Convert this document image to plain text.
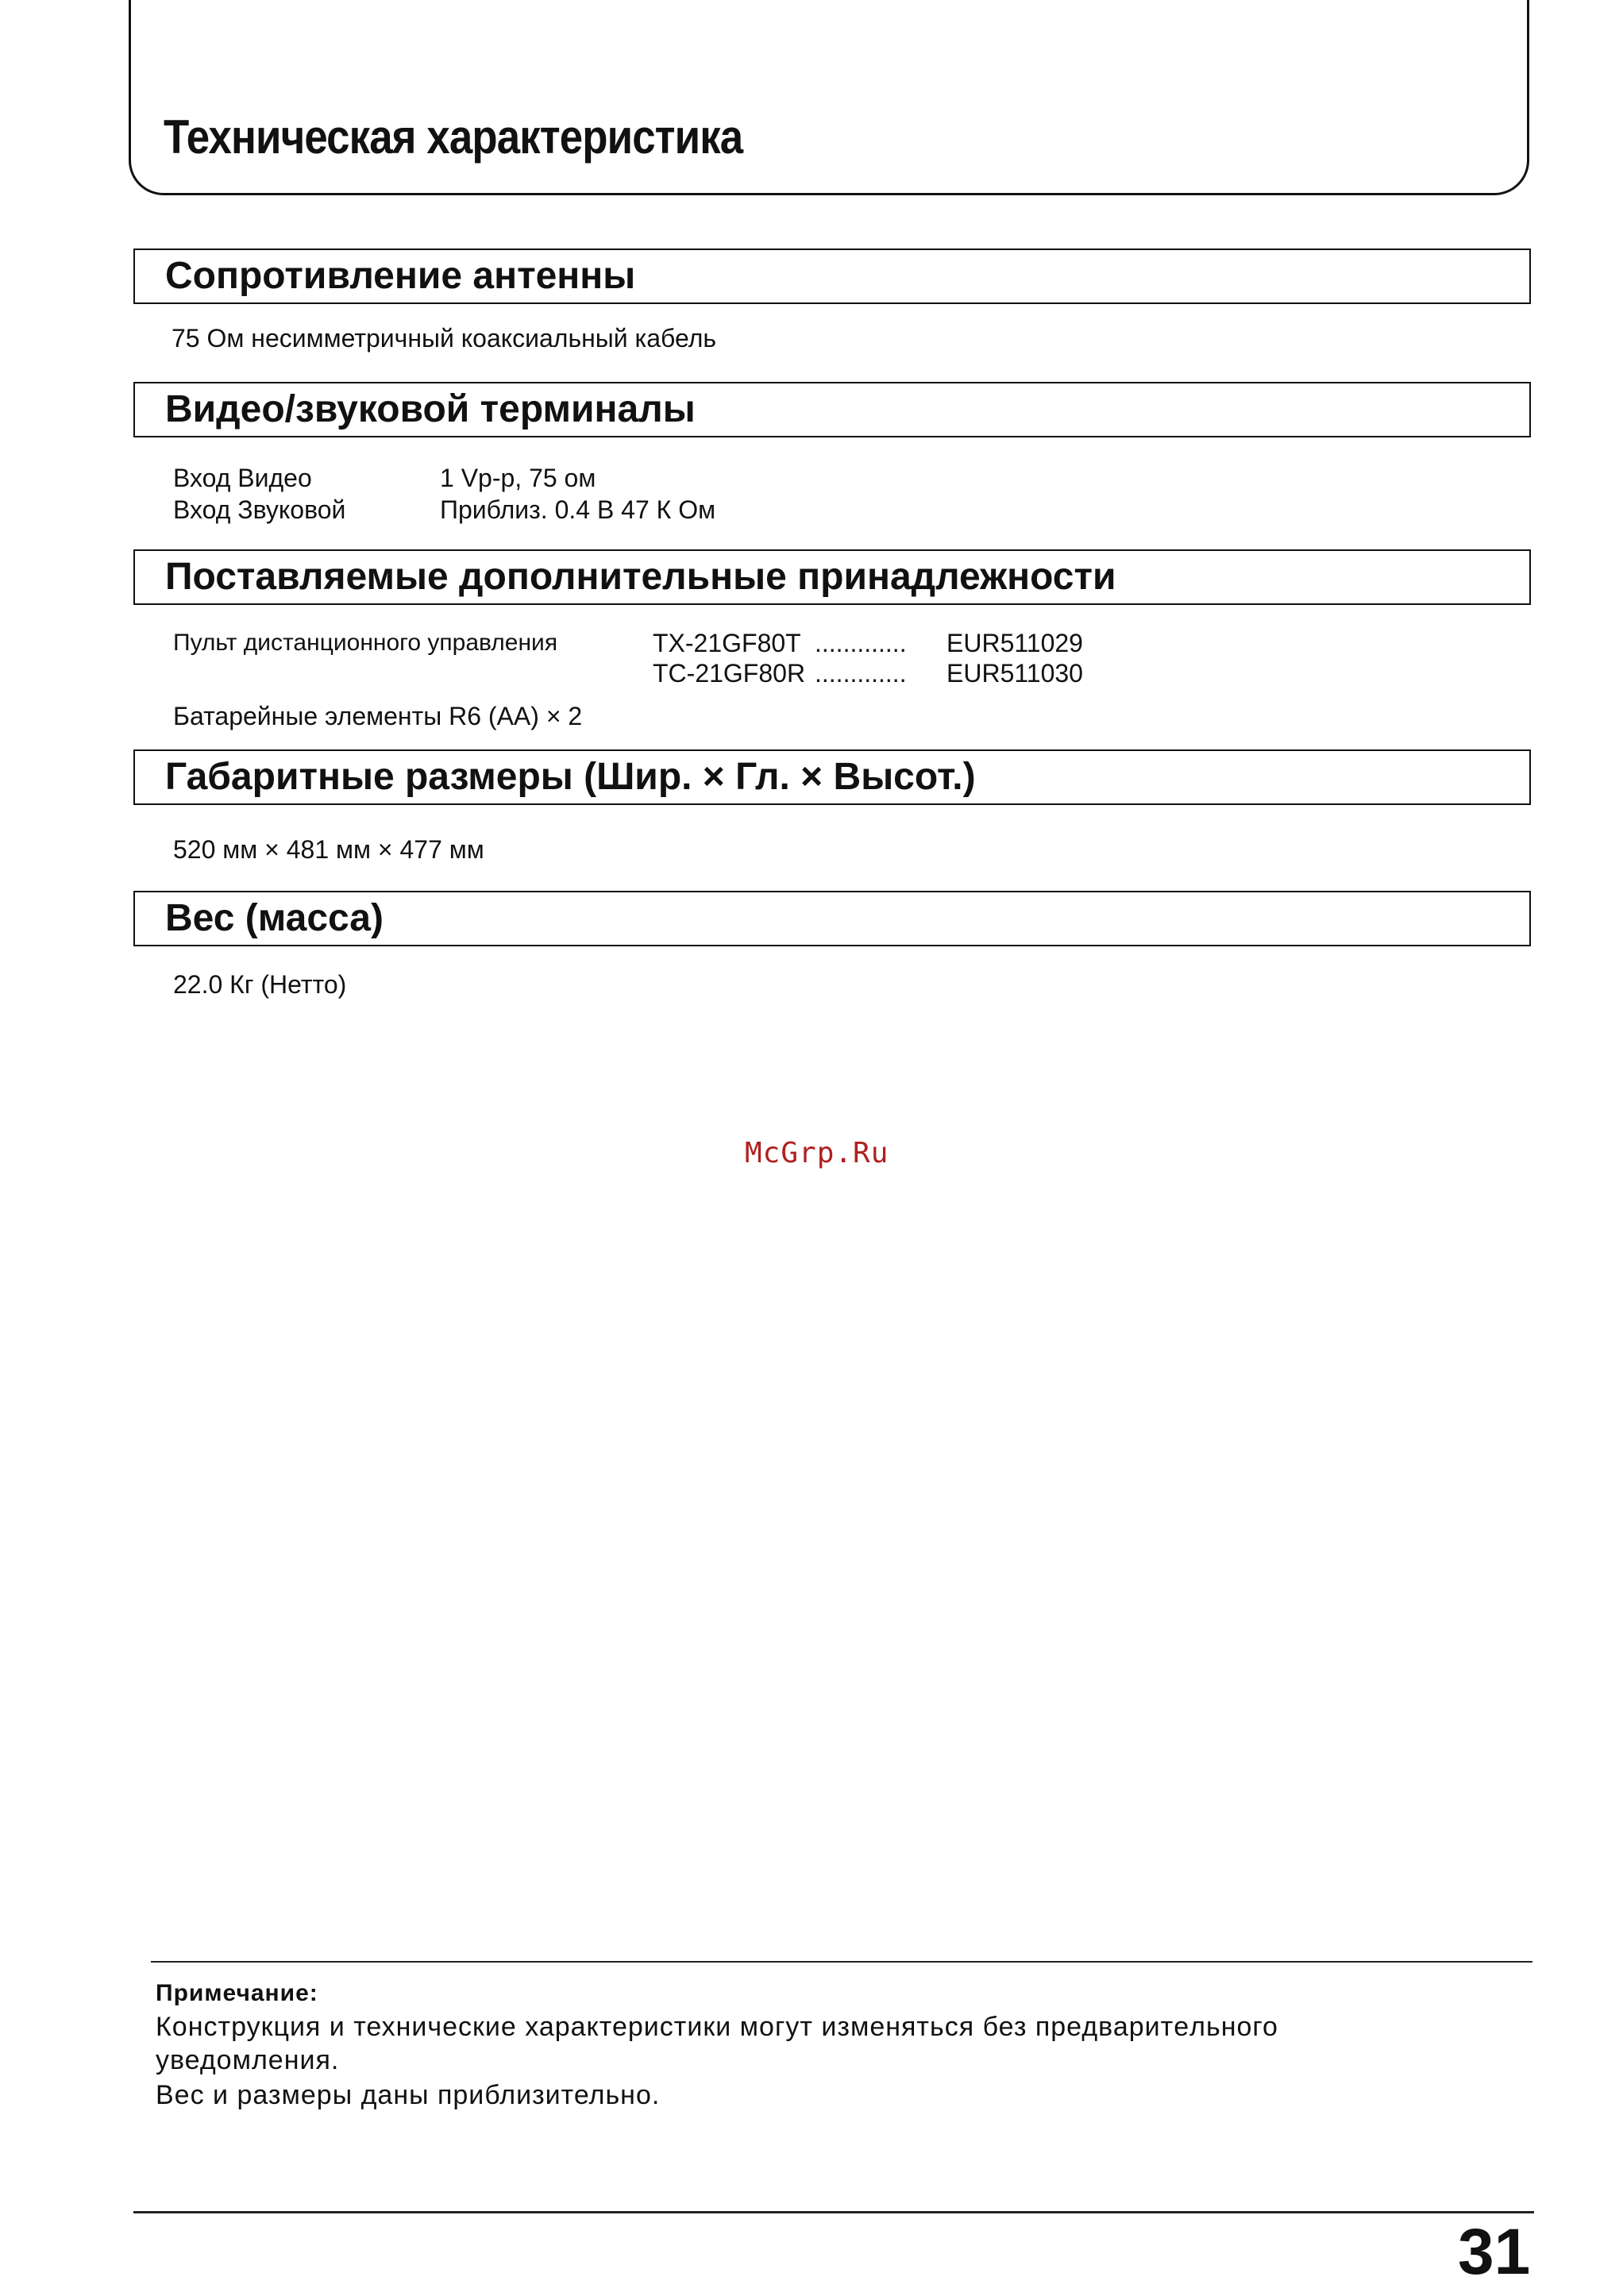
Техническая характеристика
Сопротивление антенны
75 Ом несимметричный коаксиальный кабель
Видео/звуковой терминалы
Вход Видео	1 Vp-p, 75 ом
Вход Звуковой	Приблиз. 0.4 В 47 К Ом
Поставляемые дополнительные принадлежности
Пульт дистанционного управления	TX-21GF80T ............. EUR511029
TC-21GF80R ............. EUR511030
Батарейные элементы R6 (AA) × 2
Габаритные размеры (Шир. × Гл. × Высот.)
520 мм × 481 мм × 477 мм
Вес (масса)
22.0 Кг (Нетто)
McGrp.Ru
Примечание:
Конструкция и технические характеристики могут изменяться без предваритeльного
уведомления.
Вес и размеры даны приблизительно.
31
